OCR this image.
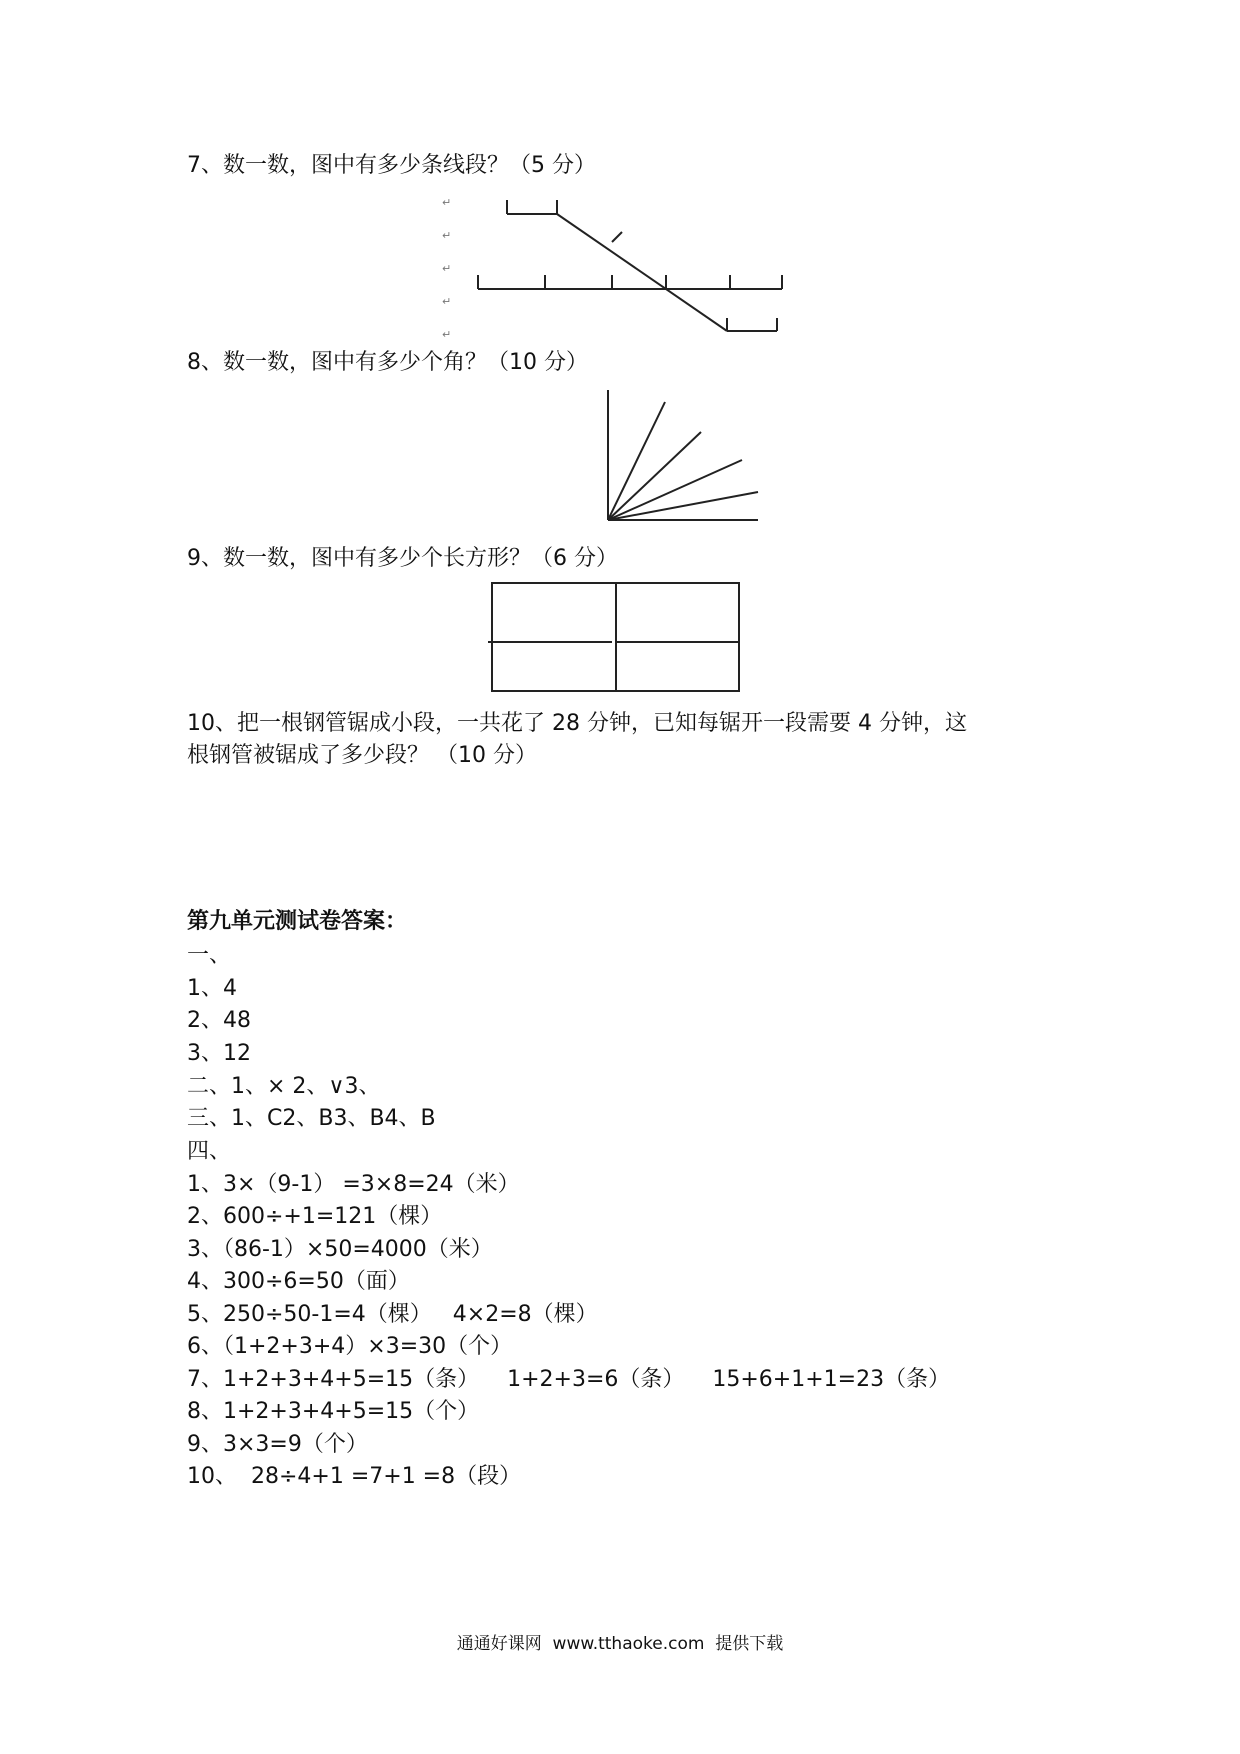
7、数一数，图中有多少条线段？（5 分）
↵
↵
↵
↵
↵
8、数一数，图中有多少个角？（10 分）
9、数一数，图中有多少个长方形？（6 分）
10、把一根钢管锯成小段，一共花了 28 分钟，已知每锯开一段需要 4 分钟，这
根钢管被锯成了多少段？ （10 分）
第九单元测试卷答案：
一、
1、4
2、48
3、12
二、1、× 2、∨3、
三、1、C2、B3、B4、B
四、
1、3×（9-1） =3×8=24（米）
2、600÷+1=121（棵）
3、（86-1）×50=4000（米）
4、300÷6=50（面）
5、250÷50-1=4（棵）   4×2=8（棵）
6、（1+2+3+4）×3=30（个）
7、1+2+3+4+5=15（条）    1+2+3=6（条）    15+6+1+1=23（条）
8、1+2+3+4+5=15（个）
9、3×3=9（个）
10、  28÷4+1 =7+1 =8（段）
通通好课网  www.tthaoke.com  提供下载
